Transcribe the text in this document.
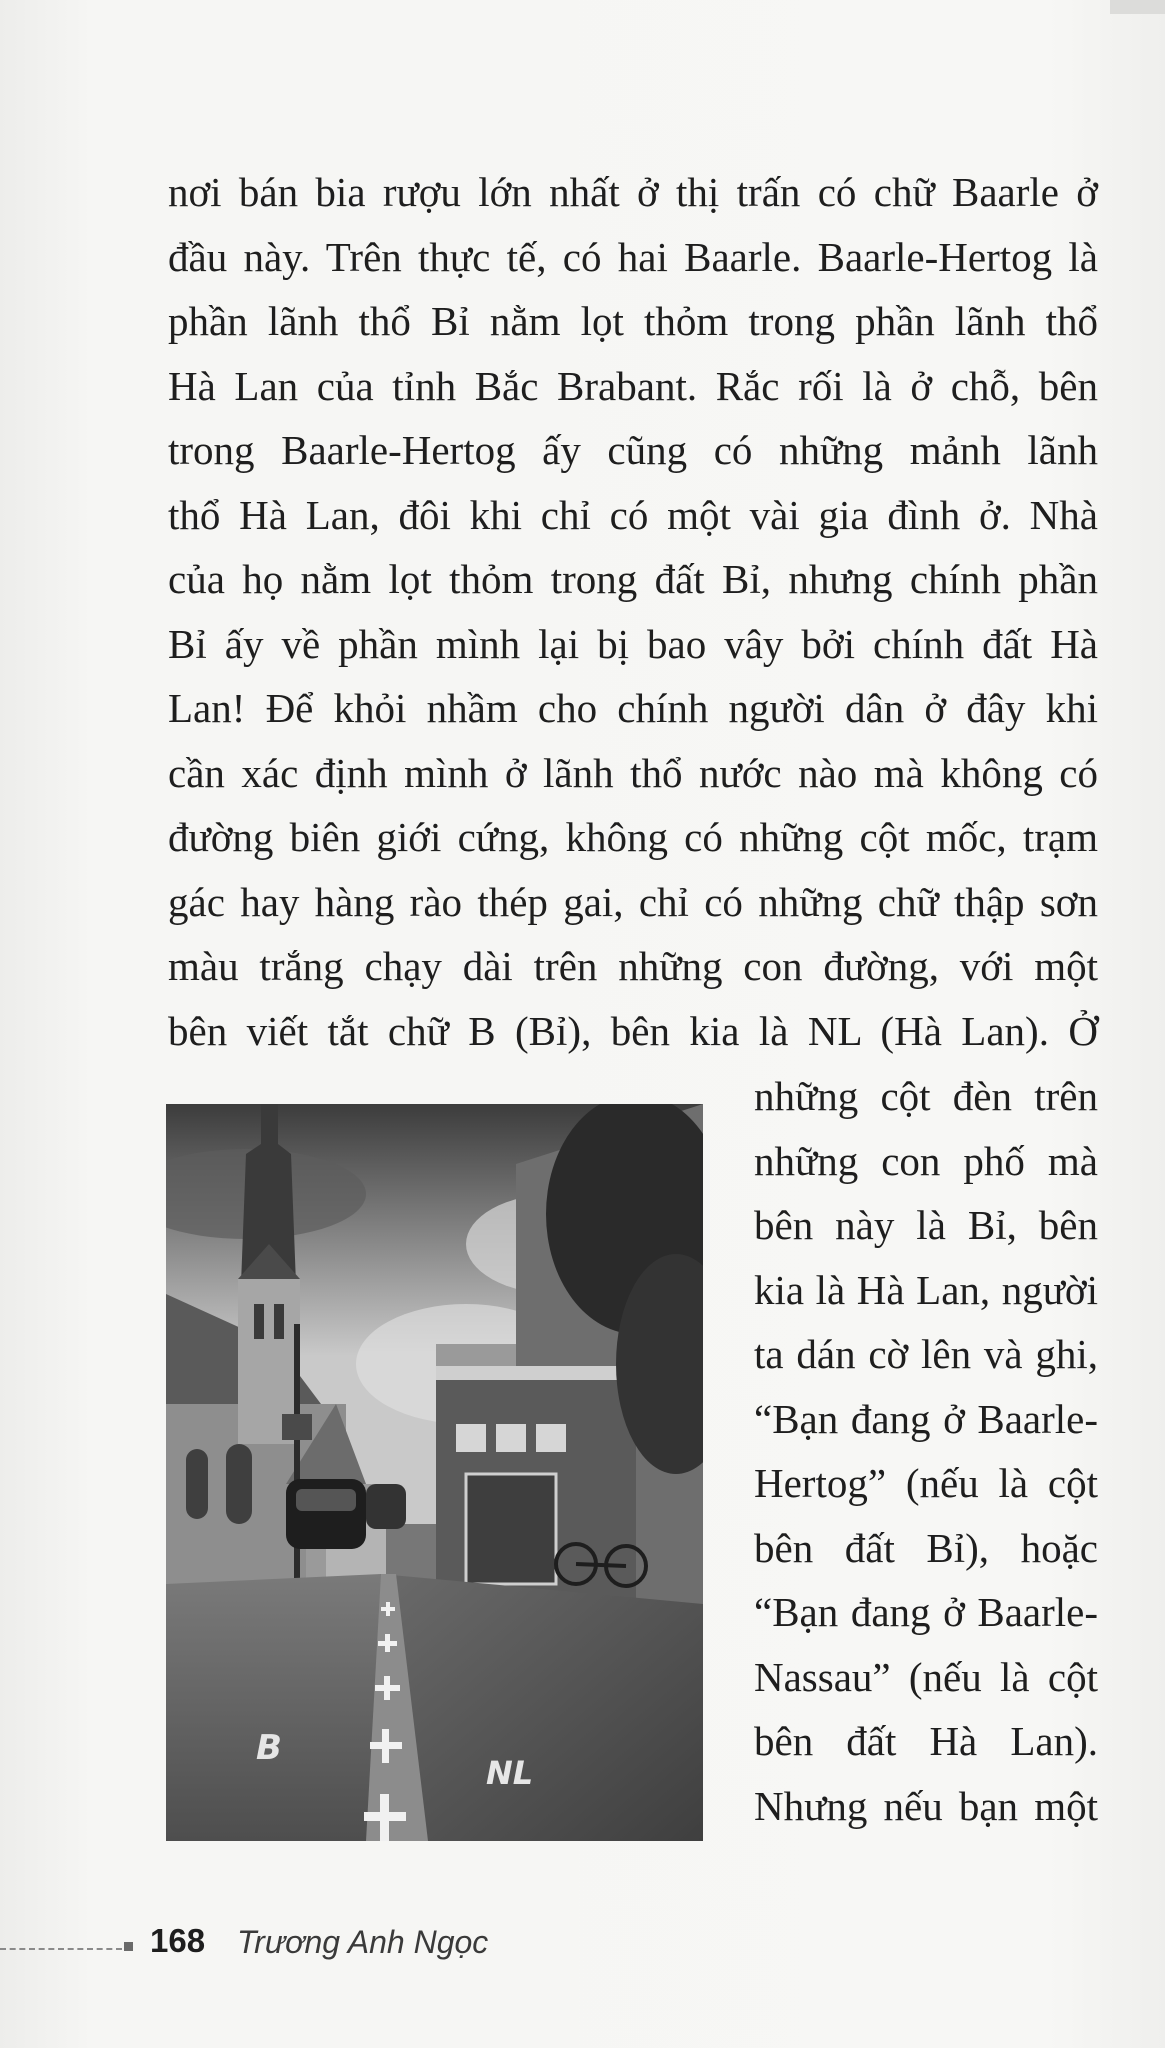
nơi bán bia rượu lớn nhất ở thị trấn có chữ Baarle ở
đầu này. Trên thực tế, có hai Baarle. Baarle-Hertog là
phần lãnh thổ Bỉ nằm lọt thỏm trong phần lãnh thổ
Hà Lan của tỉnh Bắc Brabant. Rắc rối là ở chỗ, bên
trong Baarle-Hertog ấy cũng có những mảnh lãnh
thổ Hà Lan, đôi khi chỉ có một vài gia đình ở. Nhà
của họ nằm lọt thỏm trong đất Bỉ, nhưng chính phần
Bỉ ấy về phần mình lại bị bao vây bởi chính đất Hà
Lan! Để khỏi nhầm cho chính người dân ở đây khi
cần xác định mình ở lãnh thổ nước nào mà không có
đường biên giới cứng, không có những cột mốc, trạm
gác hay hàng rào thép gai, chỉ có những chữ thập sơn
màu trắng chạy dài trên những con đường, với một
bên viết tắt chữ B (Bỉ), bên kia là NL (Hà Lan). Ở
B
NL
những cột đèn trên
những con phố mà
bên này là Bỉ, bên
kia là Hà Lan, người
ta dán cờ lên và ghi,
“Bạn đang ở Baarle-
Hertog” (nếu là cột
bên đất Bỉ), hoặc
“Bạn đang ở Baarle-
Nassau” (nếu là cột
bên đất Hà Lan).
Nhưng nếu bạn một
168 Trương Anh Ngọc
